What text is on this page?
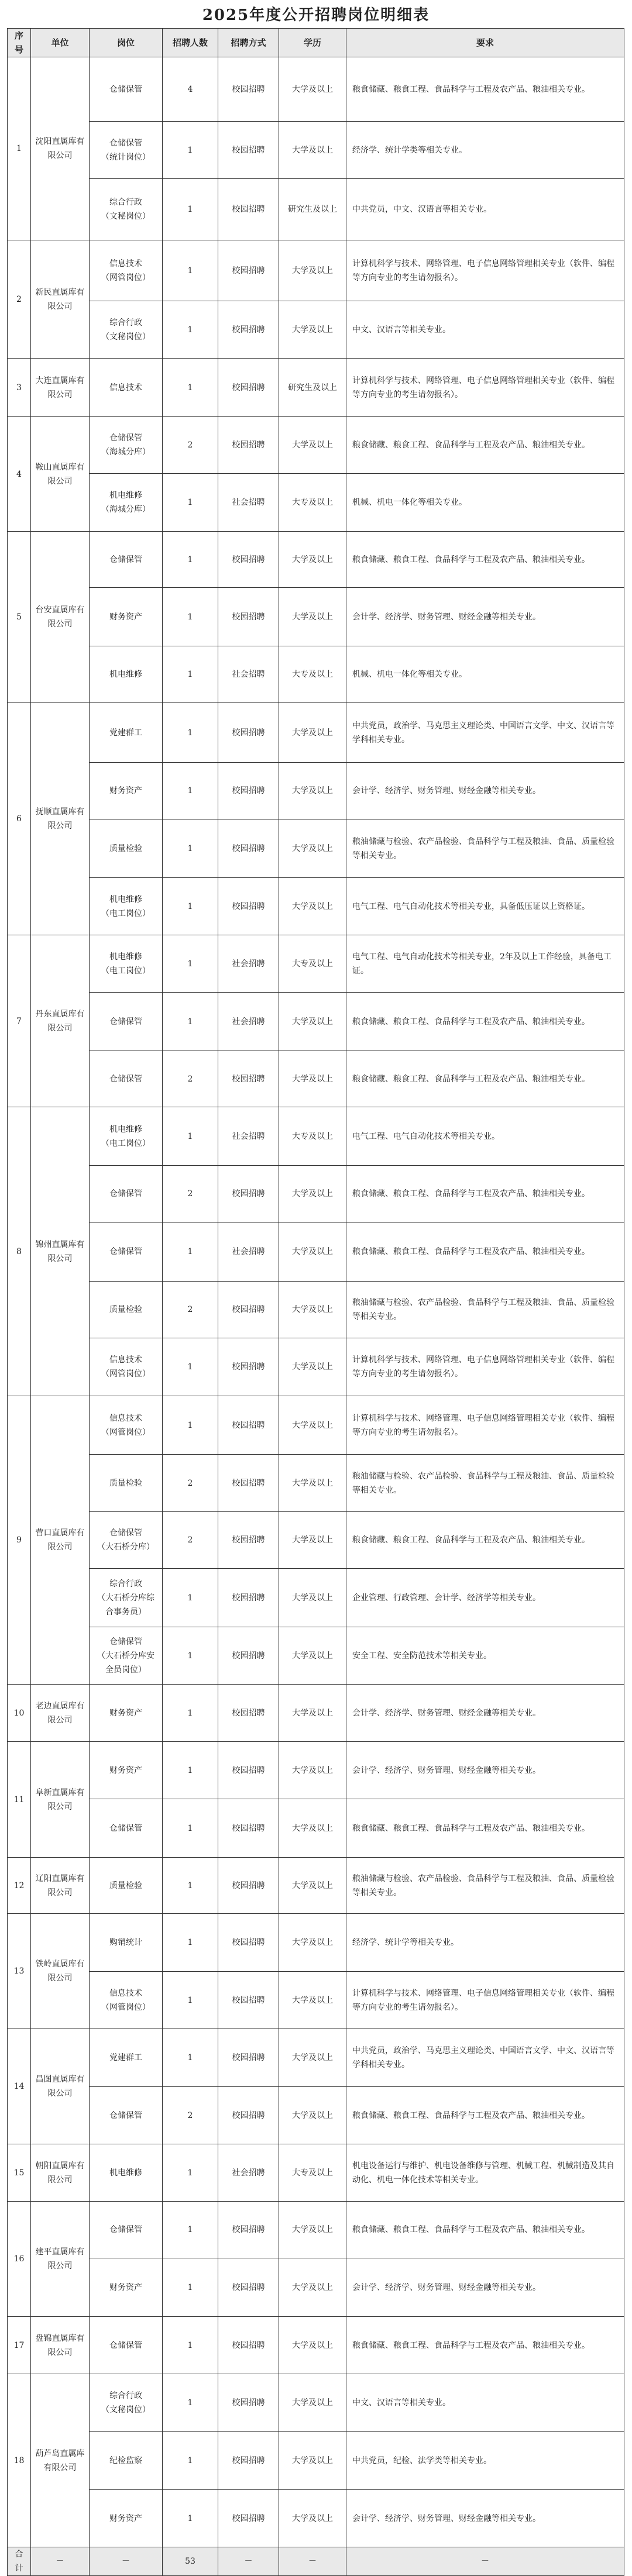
2025年度公开招聘岗位明细表
序号	单位	岗位	招聘人数	招聘方式	学历	要求
1	沈阳直属库有限公司	仓储保管	4	校园招聘	大学及以上	粮食储藏、粮食工程、食品科学与工程及农产品、粮油相关专业。

		仓储保管
（统计岗位）	1	校园招聘	大学及以上	经济学、统计学类等相关专业。

		综合行政
（文秘岗位）	1	校园招聘	研究生及以上	中共党员，中文、汉语言等相关专业。
2	新民直属库有限公司	信息技术
（网管岗位）	1	校园招聘	大学及以上	计算机科学与技术、网络管理、电子信息网络管理相关专业（软件、编程等方向专业的考生请勿报名）。

		综合行政
（文秘岗位）	1	校园招聘	大学及以上	中文、汉语言等相关专业。
3	大连直属库有限公司	信息技术	1	校园招聘	研究生及以上	计算机科学与技术、网络管理、电子信息网络管理相关专业（软件、编程等方向专业的考生请勿报名）。
4	鞍山直属库有限公司	仓储保管
（海城分库）	2	校园招聘	大学及以上	粮食储藏、粮食工程、食品科学与工程及农产品、粮油相关专业。

		机电维修
（海城分库）	1	社会招聘	大专及以上	机械、机电一体化等相关专业。
5	台安直属库有限公司	仓储保管	1	校园招聘	大学及以上	粮食储藏、粮食工程、食品科学与工程及农产品、粮油相关专业。

		财务资产	1	校园招聘	大学及以上	会计学、经济学、财务管理、财经金融等相关专业。

		机电维修	1	社会招聘	大专及以上	机械、机电一体化等相关专业。
6	抚顺直属库有限公司	党建群工	1	校园招聘	大学及以上	中共党员，政治学、马克思主义理论类、中国语言文学、中文、汉语言等学科相关专业。

		财务资产	1	校园招聘	大学及以上	会计学、经济学、财务管理、财经金融等相关专业。

		质量检验	1	校园招聘	大学及以上	粮油储藏与检验、农产品检验、食品科学与工程及粮油、食品、质量检验等相关专业。

		机电维修
（电工岗位）	1	校园招聘	大学及以上	电气工程、电气自动化技术等相关专业，具备低压证以上资格证。
7	丹东直属库有限公司	机电维修
（电工岗位）	1	社会招聘	大专及以上	电气工程、电气自动化技术等相关专业，2年及以上工作经验，具备电工证。

		仓储保管	1	社会招聘	大学及以上	粮食储藏、粮食工程、食品科学与工程及农产品、粮油相关专业。

		仓储保管	2	校园招聘	大学及以上	粮食储藏、粮食工程、食品科学与工程及农产品、粮油相关专业。
8	锦州直属库有限公司	机电维修
（电工岗位）	1	社会招聘	大专及以上	电气工程、电气自动化技术等相关专业。

		仓储保管	2	校园招聘	大学及以上	粮食储藏、粮食工程、食品科学与工程及农产品、粮油相关专业。

		仓储保管	1	社会招聘	大学及以上	粮食储藏、粮食工程、食品科学与工程及农产品、粮油相关专业。

		质量检验	2	校园招聘	大学及以上	粮油储藏与检验、农产品检验、食品科学与工程及粮油、食品、质量检验等相关专业。

		信息技术
（网管岗位）	1	校园招聘	大学及以上	计算机科学与技术、网络管理、电子信息网络管理相关专业（软件、编程等方向专业的考生请勿报名）。
9	营口直属库有限公司	信息技术
（网管岗位）	1	校园招聘	大学及以上	计算机科学与技术、网络管理、电子信息网络管理相关专业（软件、编程等方向专业的考生请勿报名）。

		质量检验	2	校园招聘	大学及以上	粮油储藏与检验、农产品检验、食品科学与工程及粮油、食品、质量检验等相关专业。

		仓储保管
（大石桥分库）	2	校园招聘	大学及以上	粮食储藏、粮食工程、食品科学与工程及农产品、粮油相关专业。

		综合行政
（大石桥分库综
合事务员）	1	校园招聘	大学及以上	企业管理、行政管理、会计学、经济学等相关专业。

		仓储保管
（大石桥分库安
全员岗位）	1	校园招聘	大学及以上	安全工程、安全防范技术等相关专业。
10	老边直属库有限公司	财务资产	1	校园招聘	大学及以上	会计学、经济学、财务管理、财经金融等相关专业。
11	阜新直属库有限公司	财务资产	1	校园招聘	大学及以上	会计学、经济学、财务管理、财经金融等相关专业。

		仓储保管	1	校园招聘	大学及以上	粮食储藏、粮食工程、食品科学与工程及农产品、粮油相关专业。
12	辽阳直属库有限公司	质量检验	1	校园招聘	大学及以上	粮油储藏与检验、农产品检验、食品科学与工程及粮油、食品、质量检验等相关专业。
13	铁岭直属库有限公司	购销统计	1	校园招聘	大学及以上	经济学、统计学等相关专业。

		信息技术
（网管岗位）	1	校园招聘	大学及以上	计算机科学与技术、网络管理、电子信息网络管理相关专业（软件、编程等方向专业的考生请勿报名）。
14	昌图直属库有限公司	党建群工	1	校园招聘	大学及以上	中共党员，政治学、马克思主义理论类、中国语言文学、中文、汉语言等学科相关专业。

		仓储保管	2	校园招聘	大学及以上	粮食储藏、粮食工程、食品科学与工程及农产品、粮油相关专业。
15	朝阳直属库有限公司	机电维修	1	社会招聘	大专及以上	机电设备运行与维护、机电设备维修与管理、机械工程、机械制造及其自动化、机电一体化技术等相关专业。
16	建平直属库有限公司	仓储保管	1	校园招聘	大学及以上	粮食储藏、粮食工程、食品科学与工程及农产品、粮油相关专业。

		财务资产	1	校园招聘	大学及以上	会计学、经济学、财务管理、财经金融等相关专业。
17	盘锦直属库有限公司	仓储保管	1	校园招聘	大学及以上	粮食储藏、粮食工程、食品科学与工程及农产品、粮油相关专业。
18	葫芦岛直属库有限公司	综合行政
（文秘岗位）	1	校园招聘	大学及以上	中文、汉语言等相关专业。

		纪检监察	1	校园招聘	大学及以上	中共党员，纪检、法学类等相关专业。

		财务资产	1	校园招聘	大学及以上	会计学、经济学、财务管理、财经金融等相关专业。
合计	－	－	53	－	－	－
